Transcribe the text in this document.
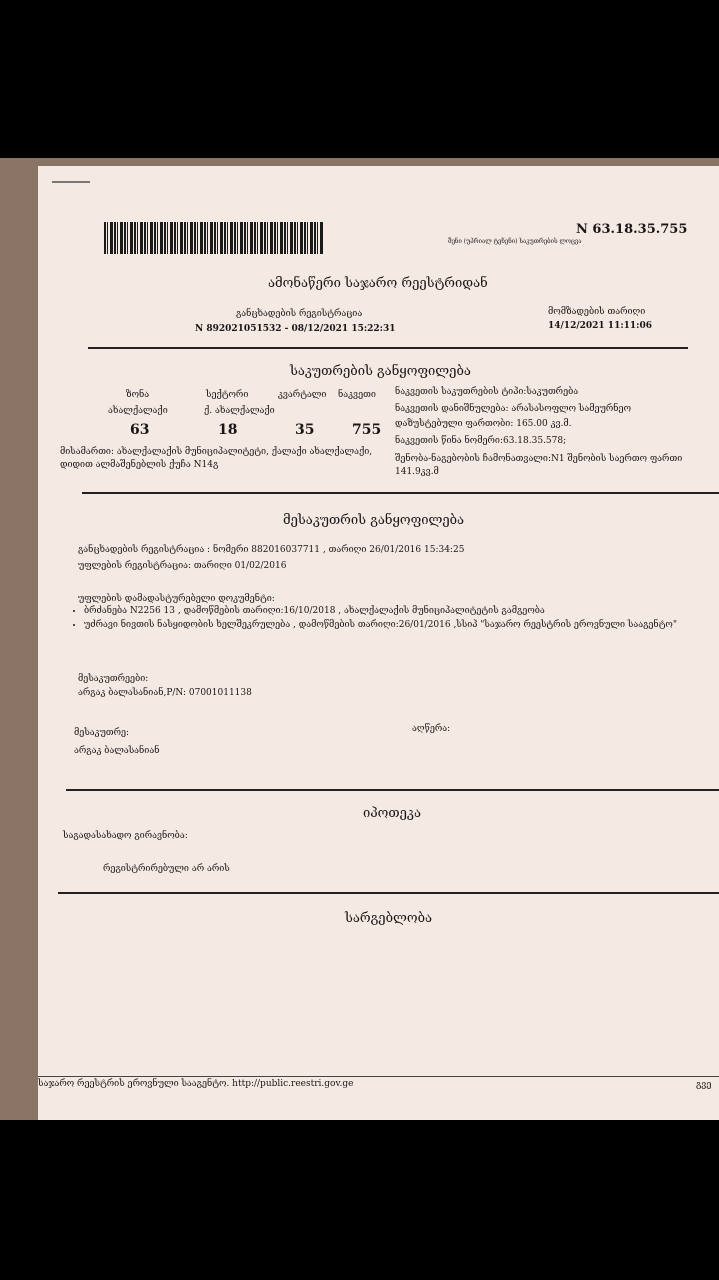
შენი (უპრიალ ტენენი) საკუთრების ლოცვა
N 63.18.35.755
ამონაწერი საჯარო რეესტრიდან
განცხადების რეგისტრაცია
N 892021051532 - 08/12/2021 15:22:31
მომზადების თარიღი
14/12/2021 11:11:06
საკუთრების განყოფილება
ზონა	სექტორი	კვარტალი ნაკვეთი
ახალქალაქი	ქ. ახალქალაქი
63	18	35	755
მისამართი: ახალქალაქის მუნიციპალიტეტი, ქალაქი ახალქალაქი, დიდით ალმაშენებლის ქუჩა N14გ
ნაკვეთის საკუთრების ტიპი:საკუთრება
ნაკვეთის დანიშნულება: არასასოფლო სამეურნეო
დაზუსტებული ფართობი: 165.00 კვ.მ.
ნაკვეთის წინა ნომერი:63.18.35.578;
შენობა-ნაგებობის ჩამონათვალი:N1 შენობის საერთო ფართი 141.9კვ.მ
მესაკუთრის განყოფილება
განცხადების რეგისტრაცია : ნომერი 882016037711 , თარიღი 26/01/2016 15:34:25
უფლების რეგისტრაცია: თარიღი 01/02/2016
უფლების დამადასტურებელი დოკუმენტი:
• ბრძანება N2256 13 , დამოწმების თარიღი:16/10/2018 , ახალქალაქის მუნიციპალიტეტის გამგეობა
• უძრავი ნივთის ნასყიდობის ხელშეკრულება , დამოწმების თარიღი:26/01/2016 ,სსიპ "საჯარო რეესტრის ეროვნული სააგენტო"
მესაკუთრეები:
არგაკ ბალასანიან,P/N: 07001011138
მესაკუთრე:	აღწერა:
არგაკ ბალასანიან
იპოთეკა
საგადასახადო გირავნობა:
რეგისტრირებული არ არის
სარგებლობა
საჯარო რეესტრის ეროვნული სააგენტო. http://public.reestri.gov.ge	გვე
